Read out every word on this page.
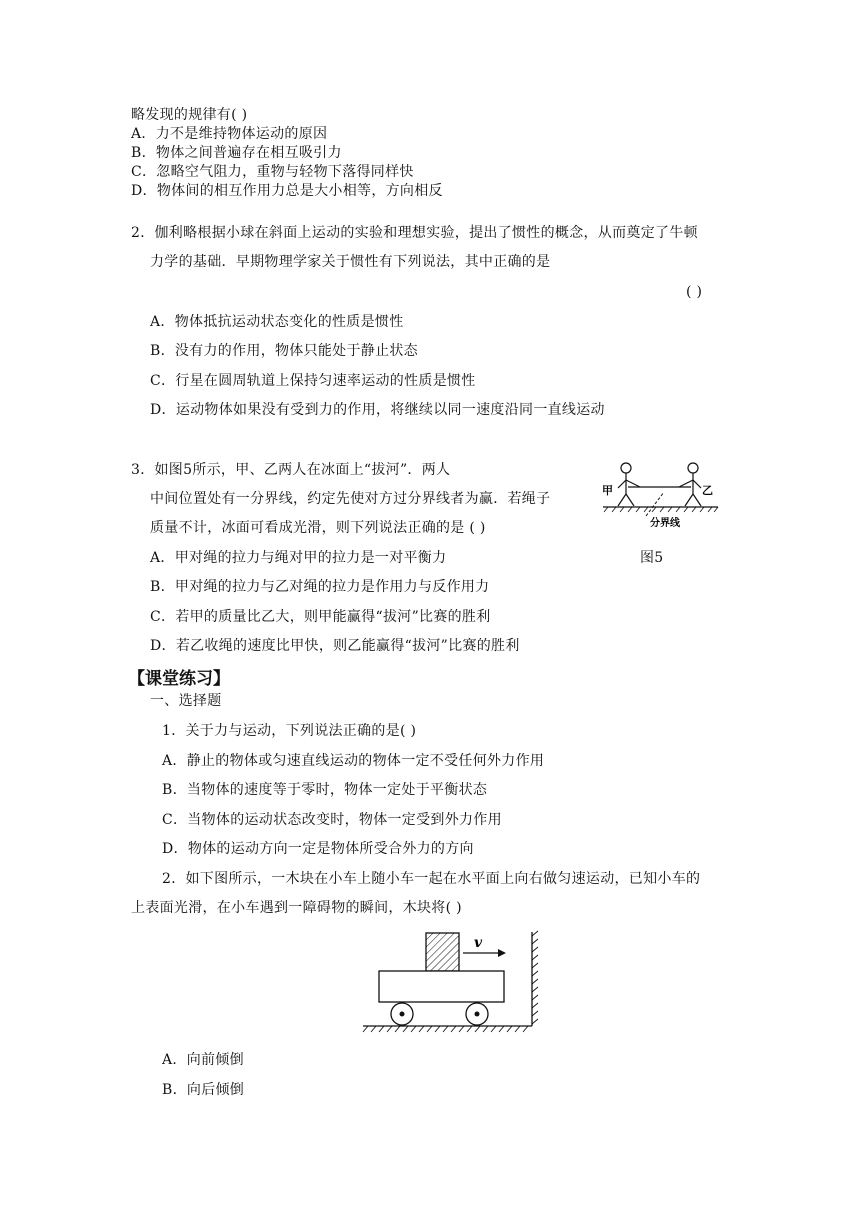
略发现的规律有( )
A．力不是维持物体运动的原因
B．物体之间普遍存在相互吸引力
C．忽略空气阻力，重物与轻物下落得同样快
D．物体间的相互作用力总是大小相等，方向相反
2．伽利略根据小球在斜面上运动的实验和理想实验，提出了惯性的概念，从而奠定了牛顿
力学的基础．早期物理学家关于惯性有下列说法，其中正确的是
( )
A．物体抵抗运动状态变化的性质是惯性
B．没有力的作用，物体只能处于静止状态
C．行星在圆周轨道上保持匀速率运动的性质是惯性
D．运动物体如果没有受到力的作用，将继续以同一速度沿同一直线运动
3．如图5所示，甲、乙两人在冰面上“拔河”．两人
中间位置处有一分界线，约定先使对方过分界线者为赢．若绳子
质量不计，冰面可看成光滑，则下列说法正确的是 ( )
A．甲对绳的拉力与绳对甲的拉力是一对平衡力
B．甲对绳的拉力与乙对绳的拉力是作用力与反作用力
C．若甲的质量比乙大，则甲能赢得“拔河”比赛的胜利
D．若乙收绳的速度比甲快，则乙能赢得“拔河”比赛的胜利
甲	乙
分界线
图5
【课堂练习】
一、选择题
1．关于力与运动，下列说法正确的是( )
A．静止的物体或匀速直线运动的物体一定不受任何外力作用
B．当物体的速度等于零时，物体一定处于平衡状态
C．当物体的运动状态改变时，物体一定受到外力作用
D．物体的运动方向一定是物体所受合外力的方向
2．如下图所示，一木块在小车上随小车一起在水平面上向右做匀速运动，已知小车的
上表面光滑，在小车遇到一障碍物的瞬间，木块将( )
v
A．向前倾倒
B．向后倾倒
